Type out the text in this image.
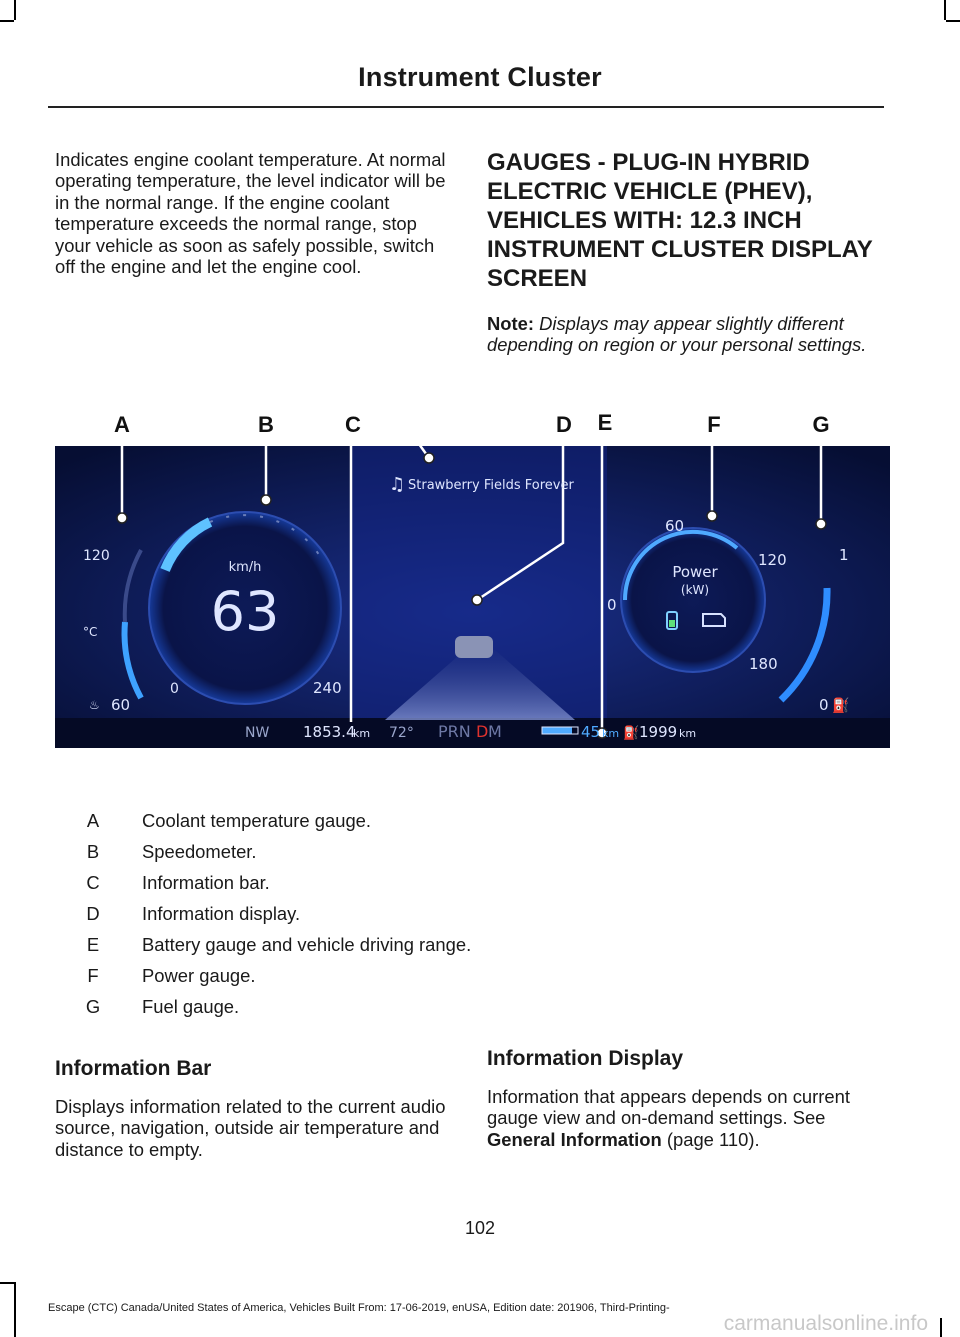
Instrument Cluster

Indicates engine coolant temperature. At normal operating temperature, the level indicator will be in the normal range. If the engine coolant temperature exceeds the normal range, stop your vehicle as soon as safely possible, switch off the engine and let the engine cool.

GAUGES - PLUG-IN HYBRID ELECTRIC VEHICLE (PHEV), VEHICLES WITH: 12.3 INCH INSTRUMENT CLUSTER DISPLAY SCREEN

Note: Displays may appear slightly different depending on region or your personal settings.

A	B	C	D E	F	G
♫ Strawberry Fields Forever
km/h
63
0	240
120
°C
♨ 60
Power
(kW)
60
120
0
180
1
0 ⛽
NW 1853.4
km 72° PRN D M	45 km ⛽ 1999 km
A Coolant temperature gauge.
B Speedometer.
C Information bar.
D Information display.
E Battery gauge and vehicle driving range.
F Power gauge.
G Fuel gauge.
Information Bar

Displays information related to the current audio source, navigation, outside air temperature and distance to empty.

Information Display

Information that appears depends on current gauge view and on-demand settings. See General Information (page 110).

102
Escape (CTC) Canada/United States of America, Vehicles Built From: 17-06-2019, enUSA, Edition date: 201906, Third-Printing-
carmanualsonline.info
